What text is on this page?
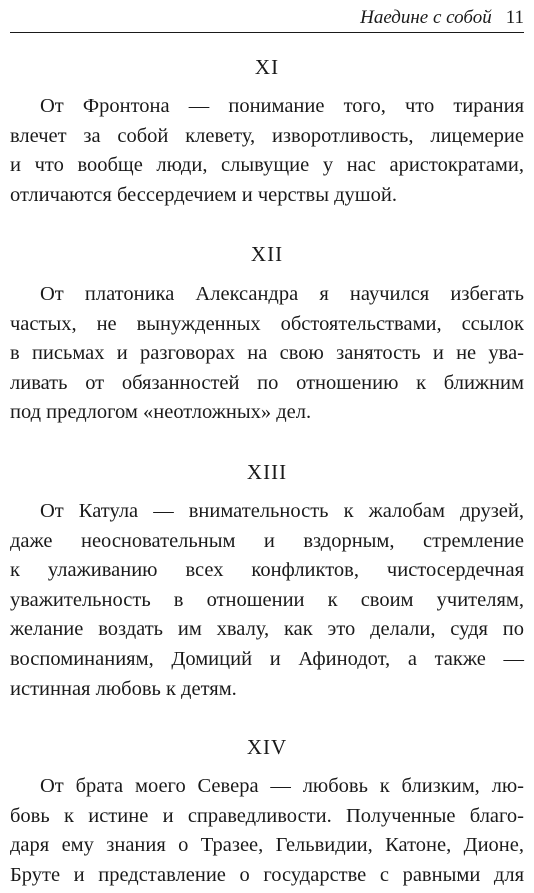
Наедине с собой 11
XI
От Фронтона — понимание того, что тирания
влечет за собой клевету, изворотливость, лицемерие
и что вообще люди, слывущие у нас аристократами,
отличаются бессердечием и черствы душой.
XII
От платоника Александра я научился избегать
частых, не вынужденных обстоятельствами, ссылок
в письмах и разговорах на свою занятость и не ува-
ливать от обязанностей по отношению к ближним
под предлогом «неотложных» дел.
XIII
От Катула — внимательность к жалобам друзей,
даже неосновательным и вздорным, стремление
к улаживанию всех конфликтов, чистосердечная
уважительность в отношении к своим учителям,
желание воздать им хвалу, как это делали, судя по
воспоминаниям, Домиций и Афинодот, а также —
истинная любовь к детям.
XIV
От брата моего Севера — любовь к близким, лю-
бовь к истине и справедливости. Полученные благо-
даря ему знания о Тразее, Гельвидии, Катоне, Дионе,
Бруте и представление о государстве с равными для
